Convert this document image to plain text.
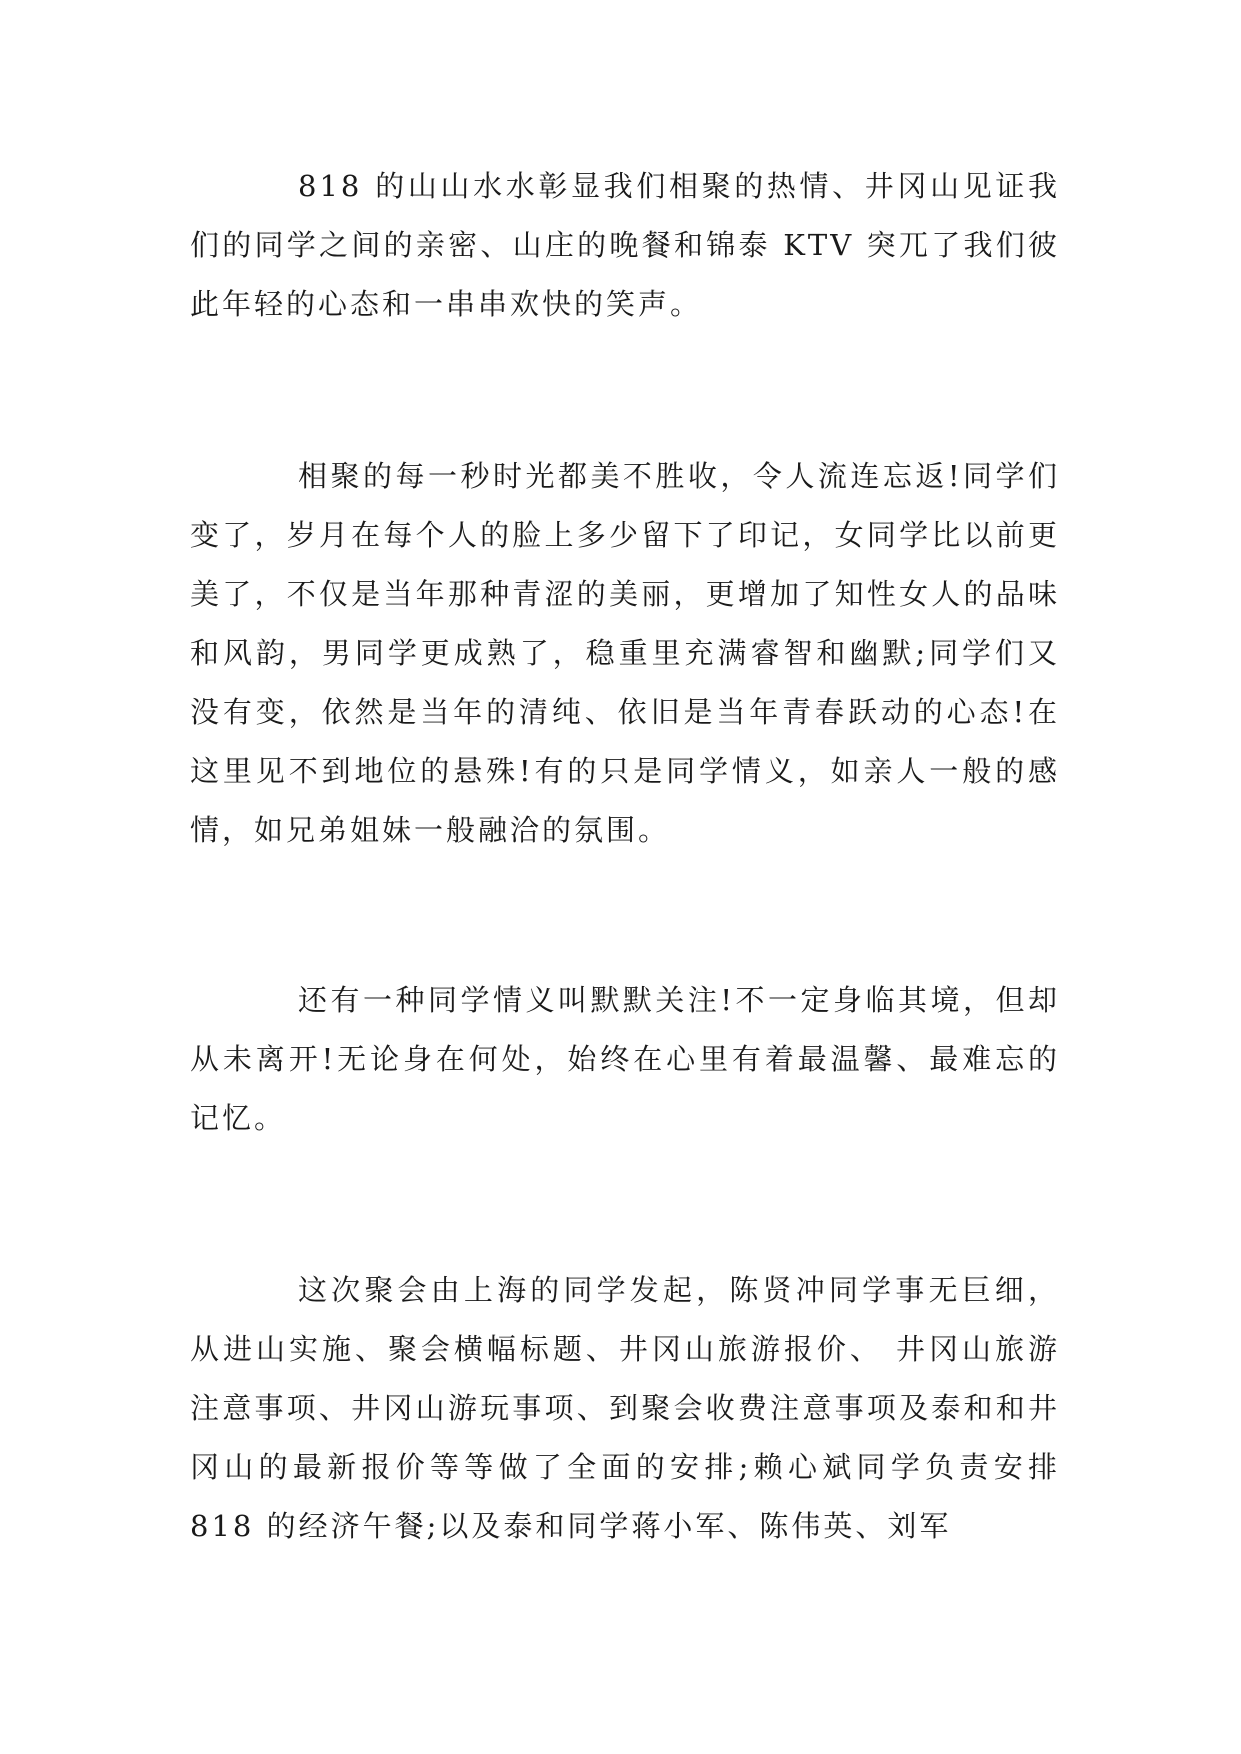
818 的山山水水彰显我们相聚的热情、井冈山见证我们的同学之间的亲密、山庄的晚餐和锦泰 KTV 突兀了我们彼此年轻的心态和一串串欢快的笑声。

相聚的每一秒时光都美不胜收，令人流连忘返!同学们变了，岁月在每个人的脸上多少留下了印记，女同学比以前更美了，不仅是当年那种青涩的美丽，更增加了知性女人的品味和风韵，男同学更成熟了，稳重里充满睿智和幽默;同学们又没有变，依然是当年的清纯、依旧是当年青春跃动的心态!在这里见不到地位的悬殊!有的只是同学情义，如亲人一般的感情，如兄弟姐妹一般融洽的氛围。

还有一种同学情义叫默默关注!不一定身临其境，但却从未离开!无论身在何处，始终在心里有着最温馨、最难忘的记忆。

这次聚会由上海的同学发起，陈贤冲同学事无巨细，从进山实施、聚会横幅标题、井冈山旅游报价、 井冈山旅游注意事项、井冈山游玩事项、到聚会收费注意事项及泰和和井冈山的最新报价等等做了全面的安排;赖心斌同学负责安排 818 的经济午餐;以及泰和同学蒋小军、陈伟英、刘军
